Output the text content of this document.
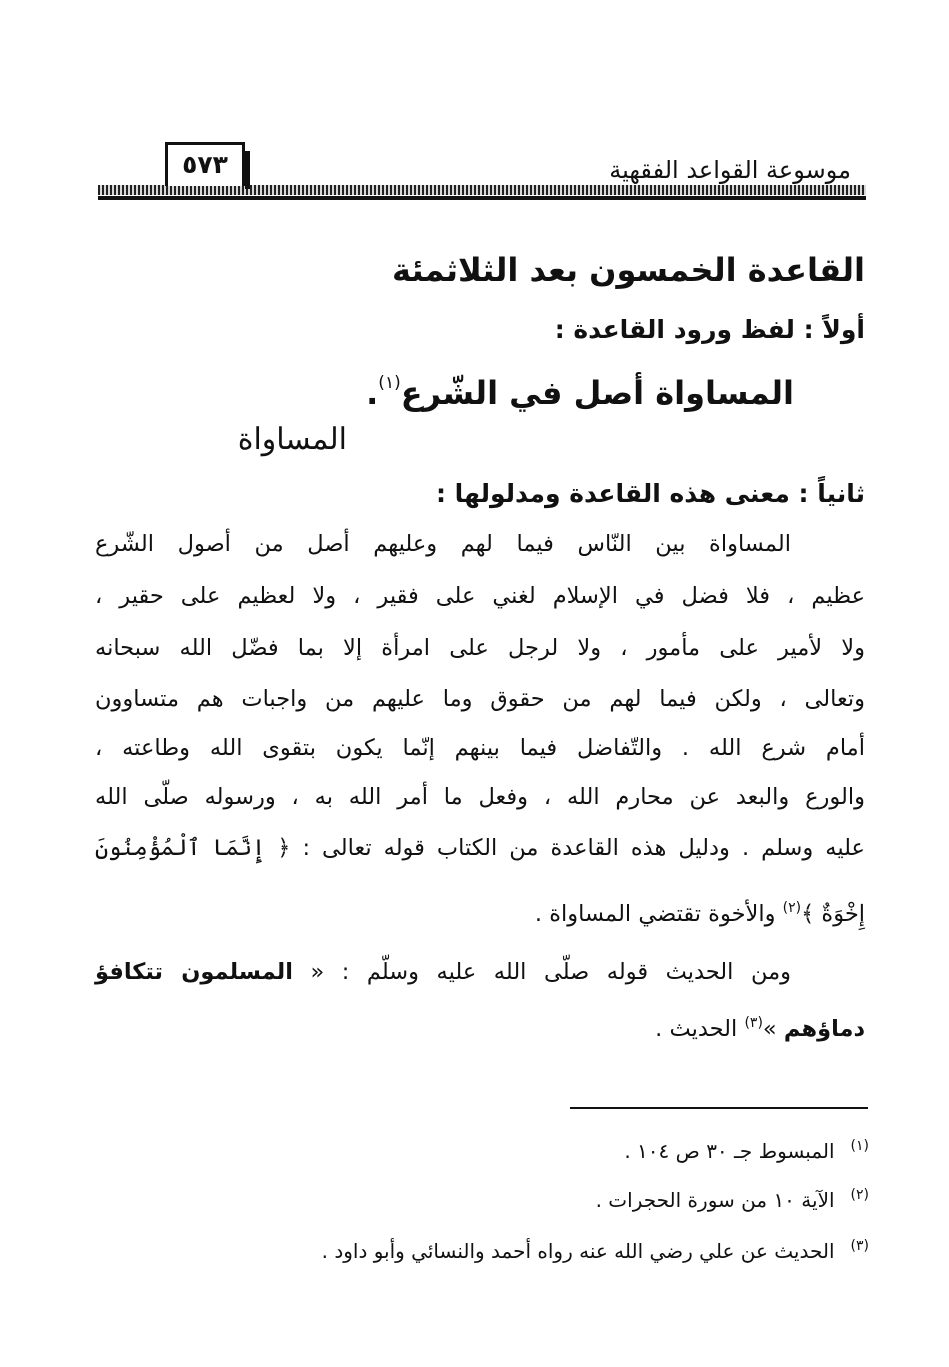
موسوعة القواعد الفقهية
٥٧٣
القاعدة الخمسون بعد الثلاثمئة
أولاً : لفظ ورود القاعدة :
المساواة أصل في الشّرع$^{(١)}$.
المساواة
ثانياً : معنى هذه القاعدة ومدلولها :
المساواة بين النّاس فيما لهم وعليهم أصل من أصول الشّرع
عظيم ، فلا فضل في الإسلام لغني على فقير ، ولا لعظيم على حقير ،
ولا لأمير على مأمور ، ولا لرجل على امرأة إلا بما فضّل الله سبحانه
وتعالى ، ولكن فيما لهم من حقوق وما عليهم من واجبات هم متساوون
أمام شرع الله . والتّفاضل فيما بينهم إنّما يكون بتقوى الله وطاعته ،
والورع والبعد عن محارم الله ، وفعل ما أمر الله به ، ورسوله صلّى الله
عليه وسلم . ودليل هذه القاعدة من الكتاب قوله تعالى : ﴿ إِنَّمَا ٱلْمُؤْمِنُونَ
إِخْوَةٌ ﴾$^{(٢)}$ والأخوة تقتضي المساواة .
ومن الحديث قوله صلّى الله عليه وسلّم : « المسلمون تتكافؤ
دماؤهم »$^{(٣)}$ الحديث .
$^{(١)}$المبسوط جـ ٣٠ ص ١٠٤ .
$^{(٢)}$الآية ١٠ من سورة الحجرات .
$^{(٣)}$الحديث عن علي رضي الله عنه رواه أحمد والنسائي وأبو داود .
